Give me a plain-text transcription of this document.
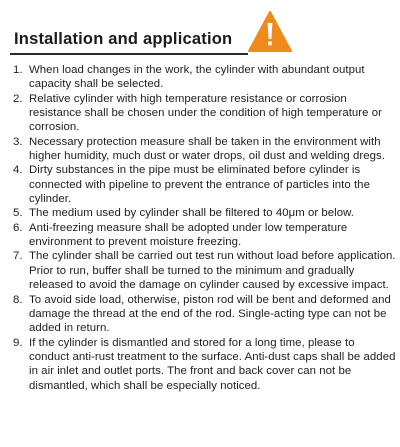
Installation and application
1. When load changes in the work, the cylinder with abundant output capacity shall be selected.
2. Relative cylinder with high temperature resistance or corrosion resistance shall be chosen under the condition of high temperature or corrosion.
3. Necessary protection measure shall be taken in the environment with higher humidity, much dust or water drops, oil dust and welding dregs.
4. Dirty substances in the pipe must be eliminated before cylinder is connected with pipeline to prevent the entrance of particles into the cylinder.
5. The medium used by cylinder shall be filtered to 40μm or below.
6. Anti-freezing measure shall be adopted under low temperature environment to prevent moisture freezing.
7. The cylinder shall be carried out test run without load before application. Prior to run, buffer shall be turned to the minimum and gradually released to avoid the damage on cylinder caused by excessive impact.
8. To avoid side load, otherwise, piston rod will be bent and deformed and damage the thread at the end of the rod. Single-acting type can not be added in return.
9. If the cylinder is dismantled and stored for a long time, please to conduct anti-rust treatment to the surface. Anti-dust caps shall be added in air inlet and outlet ports. The front and back cover can not be dismantled, which shall be especially noticed.
